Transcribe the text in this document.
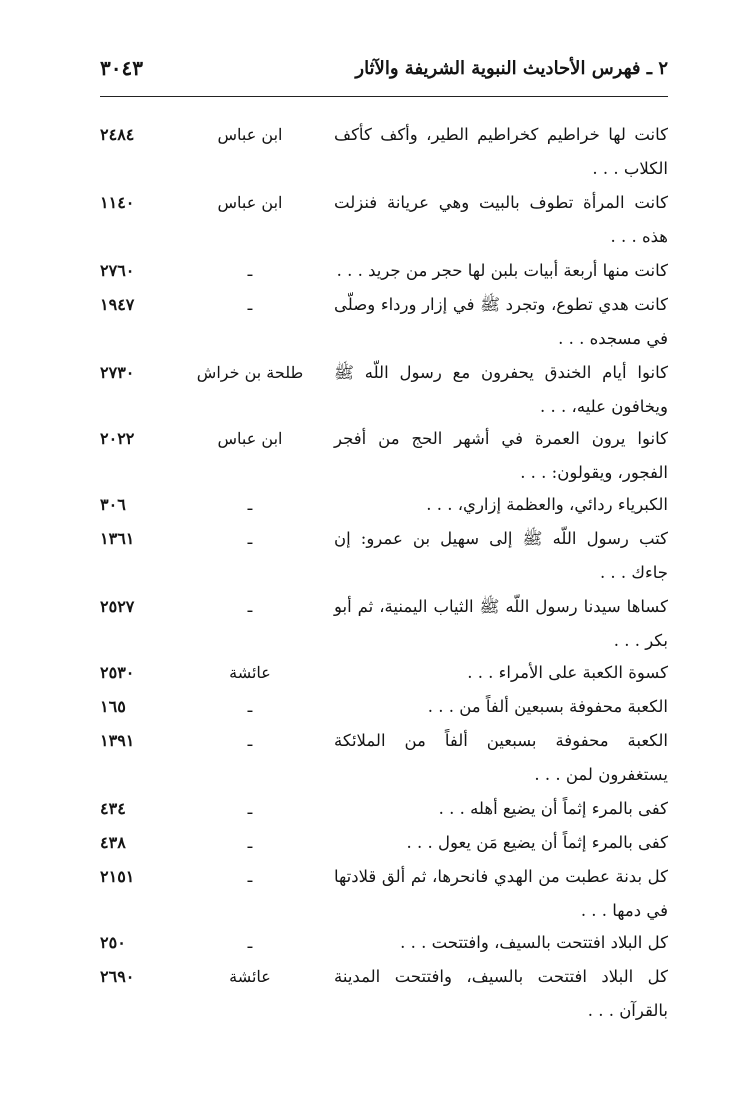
٢ ـ فهرس الأحاديث النبوية الشريفة والآثار
٣٠٤٣
كانت لها خراطيم كخراطيم الطير، وأكف كأكف الكلاب . . .
ابن عباس
٢٤٨٤
كانت المرأة تطوف بالبيت وهي عريانة فنزلت هذه . . .
ابن عباس
١١٤٠
كانت منها أربعة أبيات بلبن لها حجر من جريد . . .
ـ
٢٧٦٠
كانت هدي تطوع، وتجرد ﷺ في إزار ورداء وصلّى في مسجده . . .
ـ
١٩٤٧
كانوا أيام الخندق يحفرون مع رسول اللّه ﷺ ويخافون عليه، . . .
طلحة بن خراش
٢٧٣٠
كانوا يرون العمرة في أشهر الحج من أفجر الفجور، ويقولون: . . .
ابن عباس
٢٠٢٢
الكبرياء ردائي، والعظمة إزاري، . . .
ـ
٣٠٦
كتب رسول اللّه ﷺ إلى سهيل بن عمرو: إن جاءك . . .
ـ
١٣٦١
كساها سيدنا رسول اللّه ﷺ الثياب اليمنية، ثم أبو بكر . . .
ـ
٢٥٢٧
كسوة الكعبة على الأمراء . . .
عائشة
٢٥٣٠
الكعبة محفوفة بسبعين ألفاً من . . .
ـ
١٦٥
الكعبة محفوفة بسبعين ألفاً من الملائكة يستغفرون لمن . . .
ـ
١٣٩١
كفى بالمرء إثماً أن يضيع أهله . . .
ـ
٤٣٤
كفى بالمرء إثماً أن يضيع مَن يعول . . .
ـ
٤٣٨
كل بدنة عطبت من الهدي فانحرها، ثم ألق قلادتها في دمها . . .
ـ
٢١٥١
كل البلاد افتتحت بالسيف، وافتتحت . . .
ـ
٢٥٠
كل البلاد افتتحت بالسيف، وافتتحت المدينة بالقرآن . . .
عائشة
٢٦٩٠
